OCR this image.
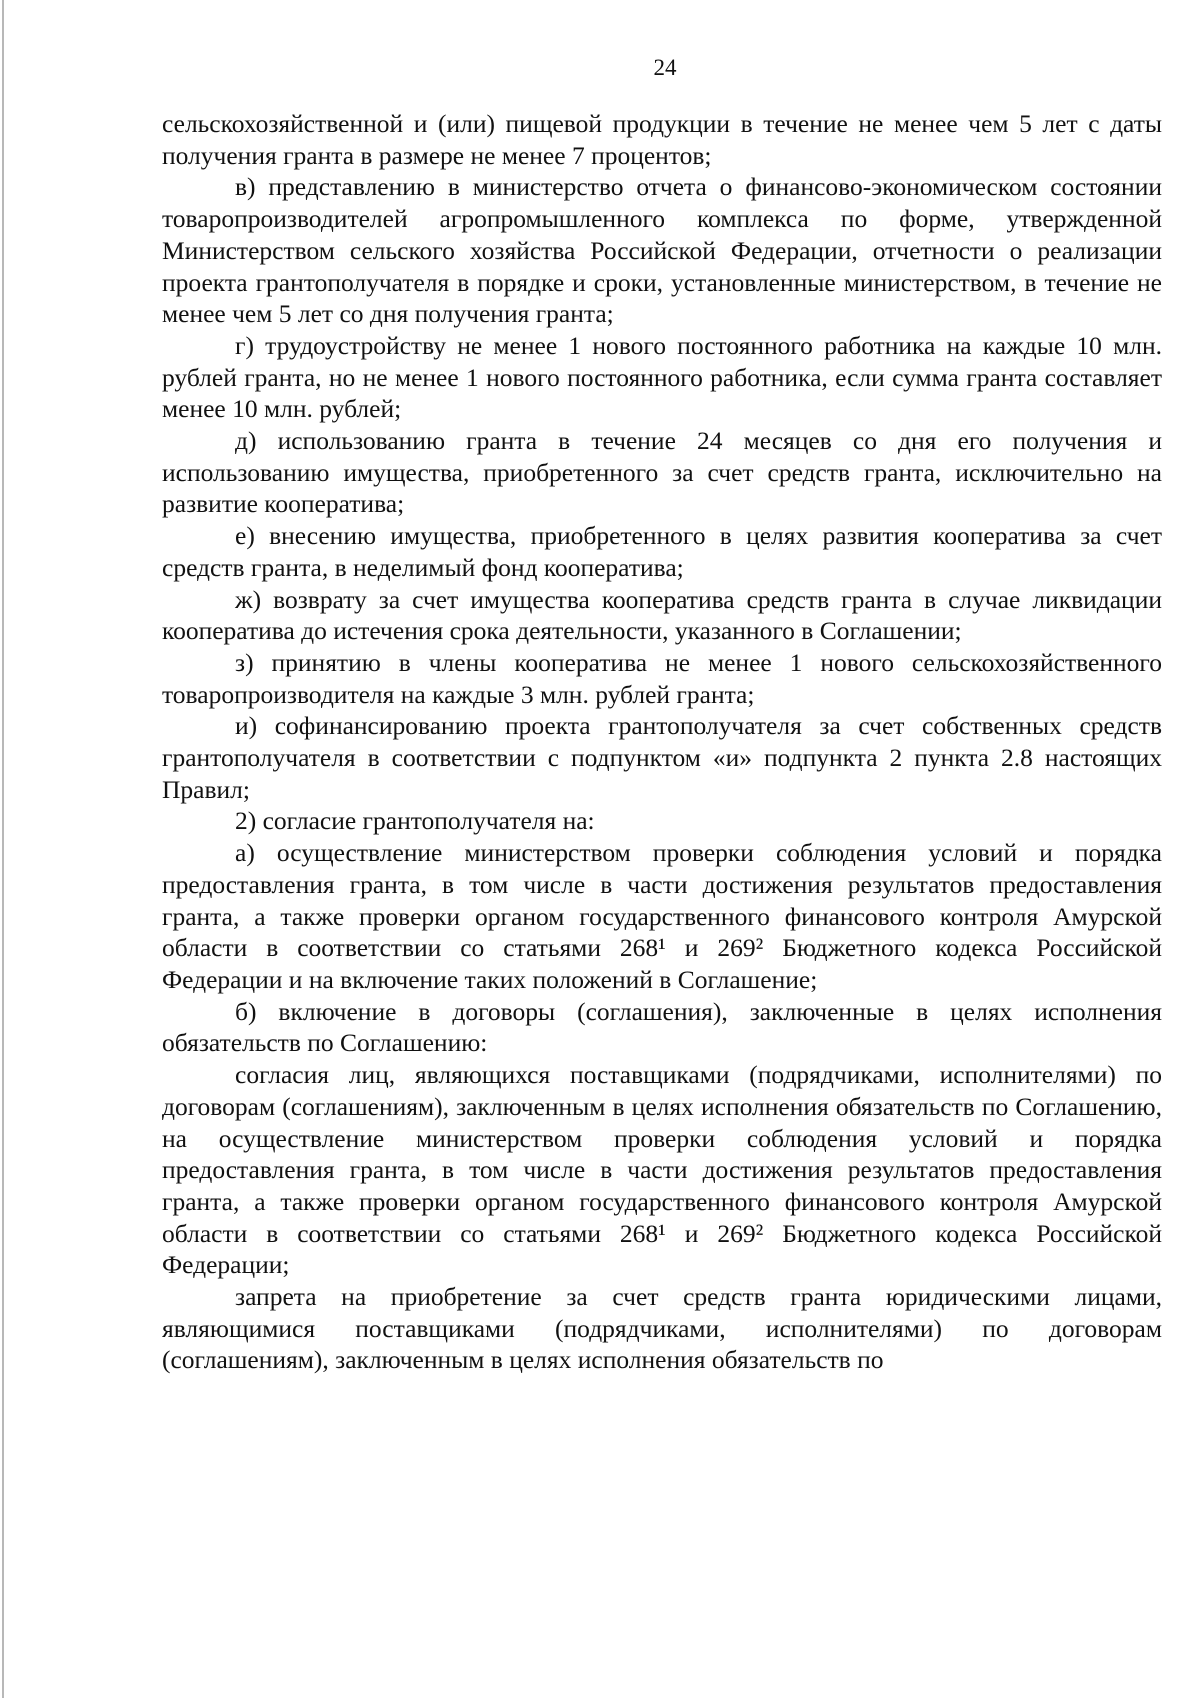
24

сельскохозяйственной и (или) пищевой продукции в течение не менее чем 5 лет с даты получения гранта в размере не менее 7 процентов;

в) представлению в министерство отчета о финансово-экономическом состоянии товаропроизводителей агропромышленного комплекса по форме, утвержденной Министерством сельского хозяйства Российской Федерации, отчетности о реализации проекта грантополучателя в порядке и сроки, установленные министерством, в течение не менее чем 5 лет со дня получения гранта;

г) трудоустройству не менее 1 нового постоянного работника на каждые 10 млн. рублей гранта, но не менее 1 нового постоянного работника, если сумма гранта составляет менее 10 млн. рублей;

д) использованию гранта в течение 24 месяцев со дня его получения и использованию имущества, приобретенного за счет средств гранта, исключительно на развитие кооператива;

е) внесению имущества, приобретенного в целях развития кооператива за счет средств гранта, в неделимый фонд кооператива;

ж) возврату за счет имущества кооператива средств гранта в случае ликвидации кооператива до истечения срока деятельности, указанного в Соглашении;

з) принятию в члены кооператива не менее 1 нового сельскохозяйственного товаропроизводителя на каждые 3 млн. рублей гранта;

и) софинансированию проекта грантополучателя за счет собственных средств грантополучателя в соответствии с подпунктом «и» подпункта 2 пункта 2.8 настоящих Правил;

2) согласие грантополучателя на:

а) осуществление министерством проверки соблюдения условий и порядка предоставления гранта, в том числе в части достижения результатов предоставления гранта, а также проверки органом государственного финансового контроля Амурской области в соответствии со статьями 268¹ и 269² Бюджетного кодекса Российской Федерации и на включение таких положений в Соглашение;

б) включение в договоры (соглашения), заключенные в целях исполнения обязательств по Соглашению:

согласия лиц, являющихся поставщиками (подрядчиками, исполнителями) по договорам (соглашениям), заключенным в целях исполнения обязательств по Соглашению, на осуществление министерством проверки соблюдения условий и порядка предоставления гранта, в том числе в части достижения результатов предоставления гранта, а также проверки органом государственного финансового контроля Амурской области в соответствии со статьями 268¹ и 269² Бюджетного кодекса Российской Федерации;

запрета на приобретение за счет средств гранта юридическими лицами, являющимися поставщиками (подрядчиками, исполнителями) по договорам (соглашениям), заключенным в целях исполнения обязательств по
